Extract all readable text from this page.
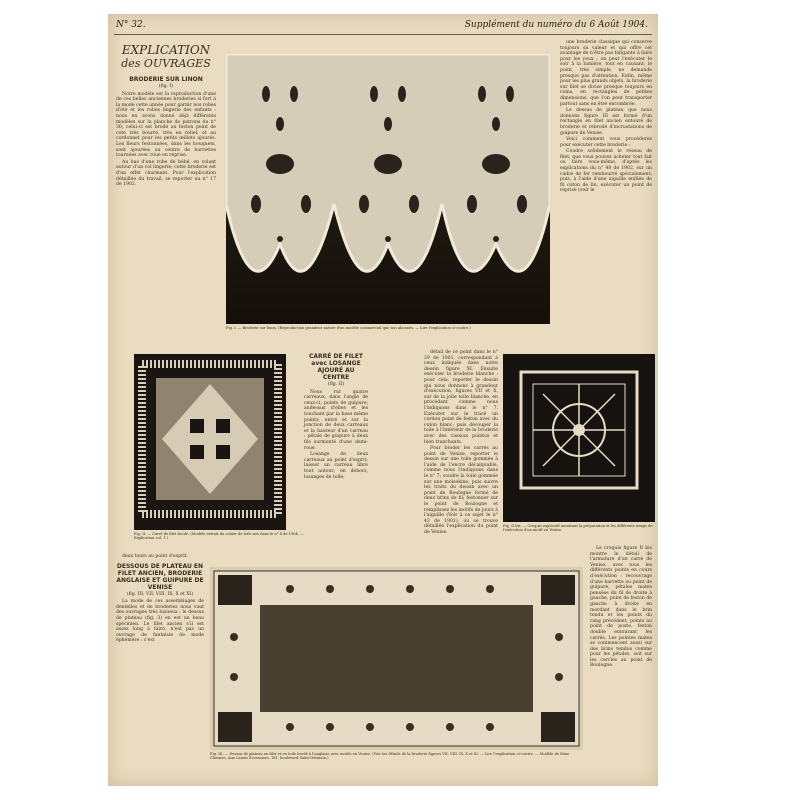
N° 32.	Supplément du numéro du 6 Août 1904.
EXPLICATION
des OUVRAGES
BRODERIE SUR LINON
(fig. I)

Notre modèle est la reproduction d'une de ces belles anciennes broderies si fort à la mode cette année pour garnir nos robes d'été et les robes lingerie des enfants : nous en avons donné déjà différents modèles sur la planche de patrons du n° 30; celui-ci est brodé au feston point de cote très bourré, très en relief, et au cordonnet pour les petits œillets ajourés. Les fleurs festonnées, dans les bouquets, sont ajourées au centre de barrettes tournées avec roue en reprise.

Au bas d'une robe de bébé, en volant autour d'un col lingerie; cette broderie est d'un effet charmant. Pour l'explication détaillée du travail, se reporter au n° 17 de 1902.

deux tours au point d'esprit.

DESSOUS DE PLATEAU EN FILET ANCIEN, BRODERIE ANGLAISE ET GUIPURE DE VENISE
(fig. III, VII, VIII, IX, X et XI)

La mode de ces assemblages de dentelles et de broderies nous vaut des ouvrages très luxueux : le dessus de plateau (fig. 3) en est un beau spécimen. Le filet ancien s'il est assez long à faire, n'est pas un ouvrage de fantaisie de mode éphémère : c'est

CARRÉ DE FILET avec LOSANGE AJOURÉ AU CENTRE
(fig. II)

Nous rur quatre carreaux, dans l'angle de ceux-ci, points de guipure; audessus d'elles et les touchant par la base même points; entre et sur la jonction de deux carreaux et la hauteur d'un carreau : pétale de guipure à deux fils surmonté d'une demi-roue.

Losange de deux carreaux au point d'esprit; laisser un carreau libre tout autour; en dehors, losanges de toile;

détail de ce point dans le n° 29 de 1901, correspondant à ceux indiqués dans notre dessin figure XI. Ensuite exécuter la broderie blanche : pour cela, reporter le dessin qui nous donnons à grandeur d'exécution, figures VII et X, sur de la jolie toile blanche, en procédant comme nous l'indiquons dans le n° 7. Exécuter sur le tracé un cordon point de feston avec du coton blanc; puis découper la toile à l'intérieur de la broderie avec des ciseaux pointus et bien tranchants.

Pour broder les carrés au point de Venise, reporter le dessin sur une toile gommée à l'aide de l'encre décalquable, comme nous l'indiquons dans le n° 7; coudre la toile gommée sur une moleskine, puis suivre les traits du dessin avec un point de Boulogne formé de deux brins de fil; festonner sur le point de Boulogne et remplissez les motifs de jours à l'aiguille (Voir à ce sujet le n° 43 de 1901), où se trouve détaillée l'explication du point de Venise.

une broderie classique qui conserve toujours sa valeur et qui offre cet avantage de n'être pas fatigante à faire pour les yeux ; on peut l'exécuter le soir à la lumière, tout en causant; le point, très simple, ne demande presque pas d'attention. Enfin, même pour les plus grands objets, la broderie sur filet se divise presque toujours en coins, en rectangles de petites dimensions, que l'on peut transporter partout sans en être encombrée.

Le dessus de plateau que nous donnons figure III est formé d'un rectangle en filet ancien entouré de broderie et rebrodé d'incrustations de guipure de Venise.

Voici comment vous procéderez pour exécuter cette broderie :

Coudre solidement le réseau de filet, que vous pouvez acheter tout fait ou faire vous-même, d'après les explications du n° 48 de 1902, sur un cadre de fer rembourré spécialement; puis, à l'aide d'une aiguille enfilée de fil coton de lin, exécuter un point de reprise (voir le

Le croquis figure II bis montre le détail de l'armature d'un carré de Venise, avec tous les différents points en cours d'exécution : recouvrage d'une barrette au point de guipure, pétales mates pensées du fil de droite à gauche, point de feston de gauche à droite en mordant dans le brin tendu et les points du rang précédent, points au point de poste, feston double entourant les carrés. Les pointes mates se commencent aussi sur des brins tendus comme pour les pétales, soit sur les cercles au point de Boulogne.

Fig. I. — Broderie sur linon. (Reproduction grandeur nature d'un modèle commercial que nos abonnés. — Lire l'explication ci-contre.)
Fig. II. — Carré de filet brodé. (Modèle extrait du cahier de toile nos dans le n° 4 de 1904. — Explication col. 1.)
Fig. II bis. — Croquis explicatif montrant la préparation et les différents temps de l'exécution d'un motif en Venise.
Fig. III. — Dessus de plateau en filet et en toile brodé à l'anglaise avec motifs en Venise. (Voir les détails de la broderie figures VII, VIII, IX, X et XI. — Lire l'explication ci-contre. — Modèle de Mme Chesnée, Aux Lainés Écossaises, 181, boulevard Saint-Germain.)
